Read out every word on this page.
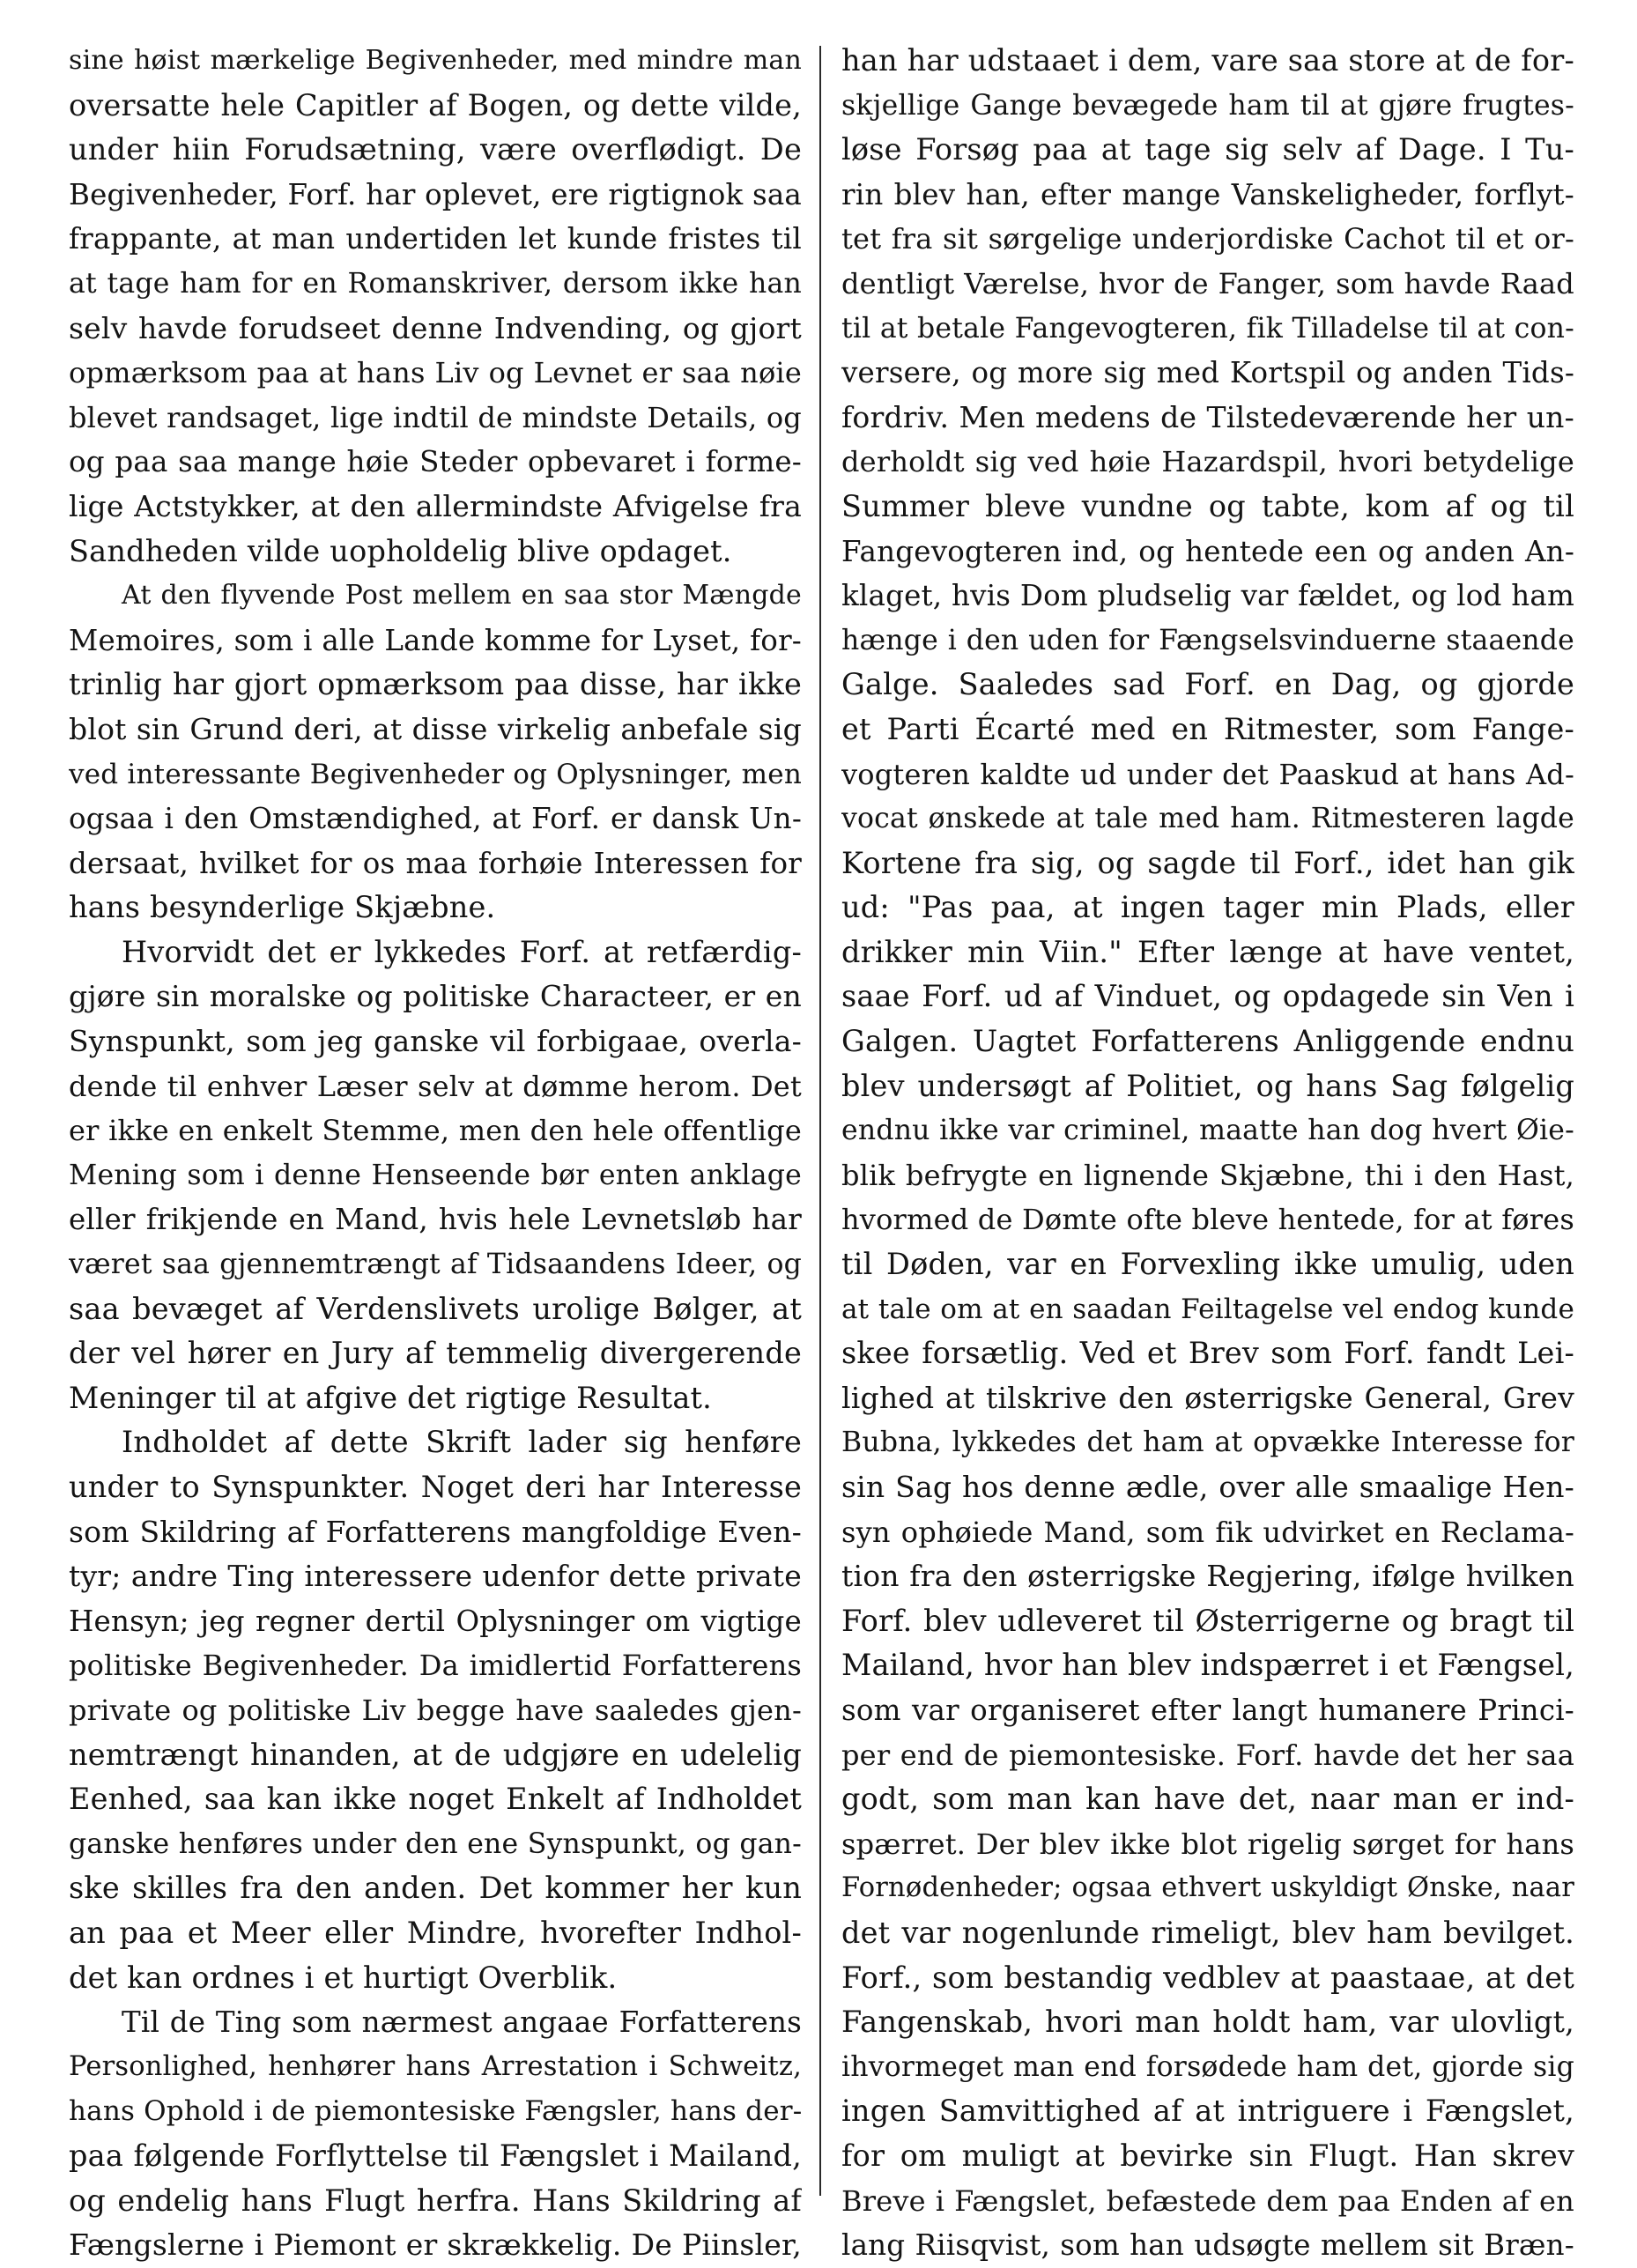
sine høist mærkelige Begivenheder, med mindre man
oversatte hele Capitler af Bogen, og dette vilde,
under hiin Forudsætning, være overflødigt. De
Begivenheder, Forf. har oplevet, ere rigtignok saa
frappante, at man undertiden let kunde fristes til
at tage ham for en Romanskriver, dersom ikke han
selv havde forudseet denne Indvending, og gjort
opmærksom paa at hans Liv og Levnet er saa nøie
blevet randsaget, lige indtil de mindste Details, og
og paa saa mange høie Steder opbevaret i forme-
lige Actstykker, at den allermindste Afvigelse fra
Sandheden vilde uopholdelig blive opdaget.
At den flyvende Post mellem en saa stor Mængde
Memoires, som i alle Lande komme for Lyset, for-
trinlig har gjort opmærksom paa disse, har ikke
blot sin Grund deri, at disse virkelig anbefale sig
ved interessante Begivenheder og Oplysninger, men
ogsaa i den Omstændighed, at Forf. er dansk Un-
dersaat, hvilket for os maa forhøie Interessen for
hans besynderlige Skjæbne.
Hvorvidt det er lykkedes Forf. at retfærdig-
gjøre sin moralske og politiske Characteer, er en
Synspunkt, som jeg ganske vil forbigaae, overla-
dende til enhver Læser selv at dømme herom. Det
er ikke en enkelt Stemme, men den hele offentlige
Mening som i denne Henseende bør enten anklage
eller frikjende en Mand, hvis hele Levnetsløb har
været saa gjennemtrængt af Tidsaandens Ideer, og
saa bevæget af Verdenslivets urolige Bølger, at
der vel hører en Jury af temmelig divergerende
Meninger til at afgive det rigtige Resultat.
Indholdet af dette Skrift lader sig henføre
under to Synspunkter. Noget deri har Interesse
som Skildring af Forfatterens mangfoldige Even-
tyr; andre Ting interessere udenfor dette private
Hensyn; jeg regner dertil Oplysninger om vigtige
politiske Begivenheder. Da imidlertid Forfatterens
private og politiske Liv begge have saaledes gjen-
nemtrængt hinanden, at de udgjøre en udelelig
Eenhed, saa kan ikke noget Enkelt af Indholdet
ganske henføres under den ene Synspunkt, og gan-
ske skilles fra den anden. Det kommer her kun
an paa et Meer eller Mindre, hvorefter Indhol-
det kan ordnes i et hurtigt Overblik.
Til de Ting som nærmest angaae Forfatterens
Personlighed, henhører hans Arrestation i Schweitz,
hans Ophold i de piemontesiske Fængsler, hans der-
paa følgende Forflyttelse til Fængslet i Mailand,
og endelig hans Flugt herfra. Hans Skildring af
Fængslerne i Piemont er skrækkelig. De Piinsler,
han har udstaaet i dem, vare saa store at de for-
skjellige Gange bevægede ham til at gjøre frugtes-
løse Forsøg paa at tage sig selv af Dage. I Tu-
rin blev han, efter mange Vanskeligheder, forflyt-
tet fra sit sørgelige underjordiske Cachot til et or-
dentligt Værelse, hvor de Fanger, som havde Raad
til at betale Fangevogteren, fik Tilladelse til at con-
versere, og more sig med Kortspil og anden Tids-
fordriv. Men medens de Tilstedeværende her un-
derholdt sig ved høie Hazardspil, hvori betydelige
Summer bleve vundne og tabte, kom af og til
Fangevogteren ind, og hentede een og anden An-
klaget, hvis Dom pludselig var fældet, og lod ham
hænge i den uden for Fængselsvinduerne staaende
Galge. Saaledes sad Forf. en Dag, og gjorde
et Parti Écarté med en Ritmester, som Fange-
vogteren kaldte ud under det Paaskud at hans Ad-
vocat ønskede at tale med ham. Ritmesteren lagde
Kortene fra sig, og sagde til Forf., idet han gik
ud: "Pas paa, at ingen tager min Plads, eller
drikker min Viin." Efter længe at have ventet,
saae Forf. ud af Vinduet, og opdagede sin Ven i
Galgen. Uagtet Forfatterens Anliggende endnu
blev undersøgt af Politiet, og hans Sag følgelig
endnu ikke var criminel, maatte han dog hvert Øie-
blik befrygte en lignende Skjæbne, thi i den Hast,
hvormed de Dømte ofte bleve hentede, for at føres
til Døden, var en Forvexling ikke umulig, uden
at tale om at en saadan Feiltagelse vel endog kunde
skee forsætlig. Ved et Brev som Forf. fandt Lei-
lighed at tilskrive den østerrigske General, Grev
Bubna, lykkedes det ham at opvække Interesse for
sin Sag hos denne ædle, over alle smaalige Hen-
syn ophøiede Mand, som fik udvirket en Reclama-
tion fra den østerrigske Regjering, ifølge hvilken
Forf. blev udleveret til Østerrigerne og bragt til
Mailand, hvor han blev indspærret i et Fængsel,
som var organiseret efter langt humanere Princi-
per end de piemontesiske. Forf. havde det her saa
godt, som man kan have det, naar man er ind-
spærret. Der blev ikke blot rigelig sørget for hans
Fornødenheder; ogsaa ethvert uskyldigt Ønske, naar
det var nogenlunde rimeligt, blev ham bevilget.
Forf., som bestandig vedblev at paastaae, at det
Fangenskab, hvori man holdt ham, var ulovligt,
ihvormeget man end forsødede ham det, gjorde sig
ingen Samvittighed af at intriguere i Fængslet,
for om muligt at bevirke sin Flugt. Han skrev
Breve i Fængslet, befæstede dem paa Enden af en
lang Riisqvist, som han udsøgte mellem sit Bræn-
